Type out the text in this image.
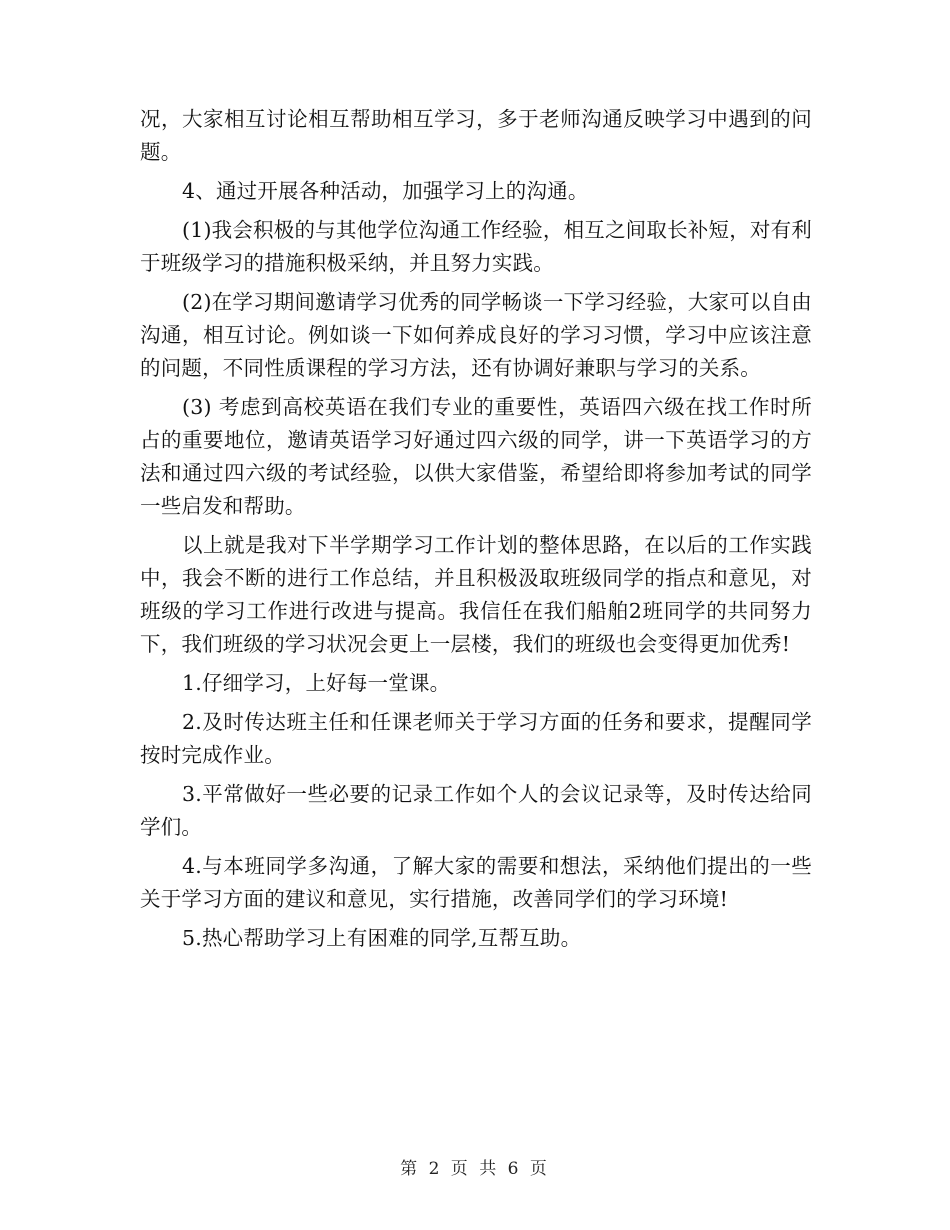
况，大家相互讨论相互帮助相互学习，多于老师沟通反映学习中遇到的问题。

4、通过开展各种活动，加强学习上的沟通。

(1)我会积极的与其他学位沟通工作经验，相互之间取长补短，对有利于班级学习的措施积极采纳，并且努力实践。

(2)在学习期间邀请学习优秀的同学畅谈一下学习经验，大家可以自由沟通，相互讨论。例如谈一下如何养成良好的学习习惯，学习中应该注意的问题，不同性质课程的学习方法，还有协调好兼职与学习的关系。

(3) 考虑到高校英语在我们专业的重要性，英语四六级在找工作时所占的重要地位，邀请英语学习好通过四六级的同学，讲一下英语学习的方法和通过四六级的考试经验，以供大家借鉴，希望给即将参加考试的同学一些启发和帮助。

以上就是我对下半学期学习工作计划的整体思路，在以后的工作实践中，我会不断的进行工作总结，并且积极汲取班级同学的指点和意见，对班级的学习工作进行改进与提高。我信任在我们船舶2班同学的共同努力下，我们班级的学习状况会更上一层楼，我们的班级也会变得更加优秀!

1.仔细学习，上好每一堂课。

2.及时传达班主任和任课老师关于学习方面的任务和要求，提醒同学按时完成作业。

3.平常做好一些必要的记录工作如个人的会议记录等，及时传达给同学们。

4.与本班同学多沟通，了解大家的需要和想法，采纳他们提出的一些关于学习方面的建议和意见，实行措施，改善同学们的学习环境!

5.热心帮助学习上有困难的同学,互帮互助。

第 2 页 共 6 页
